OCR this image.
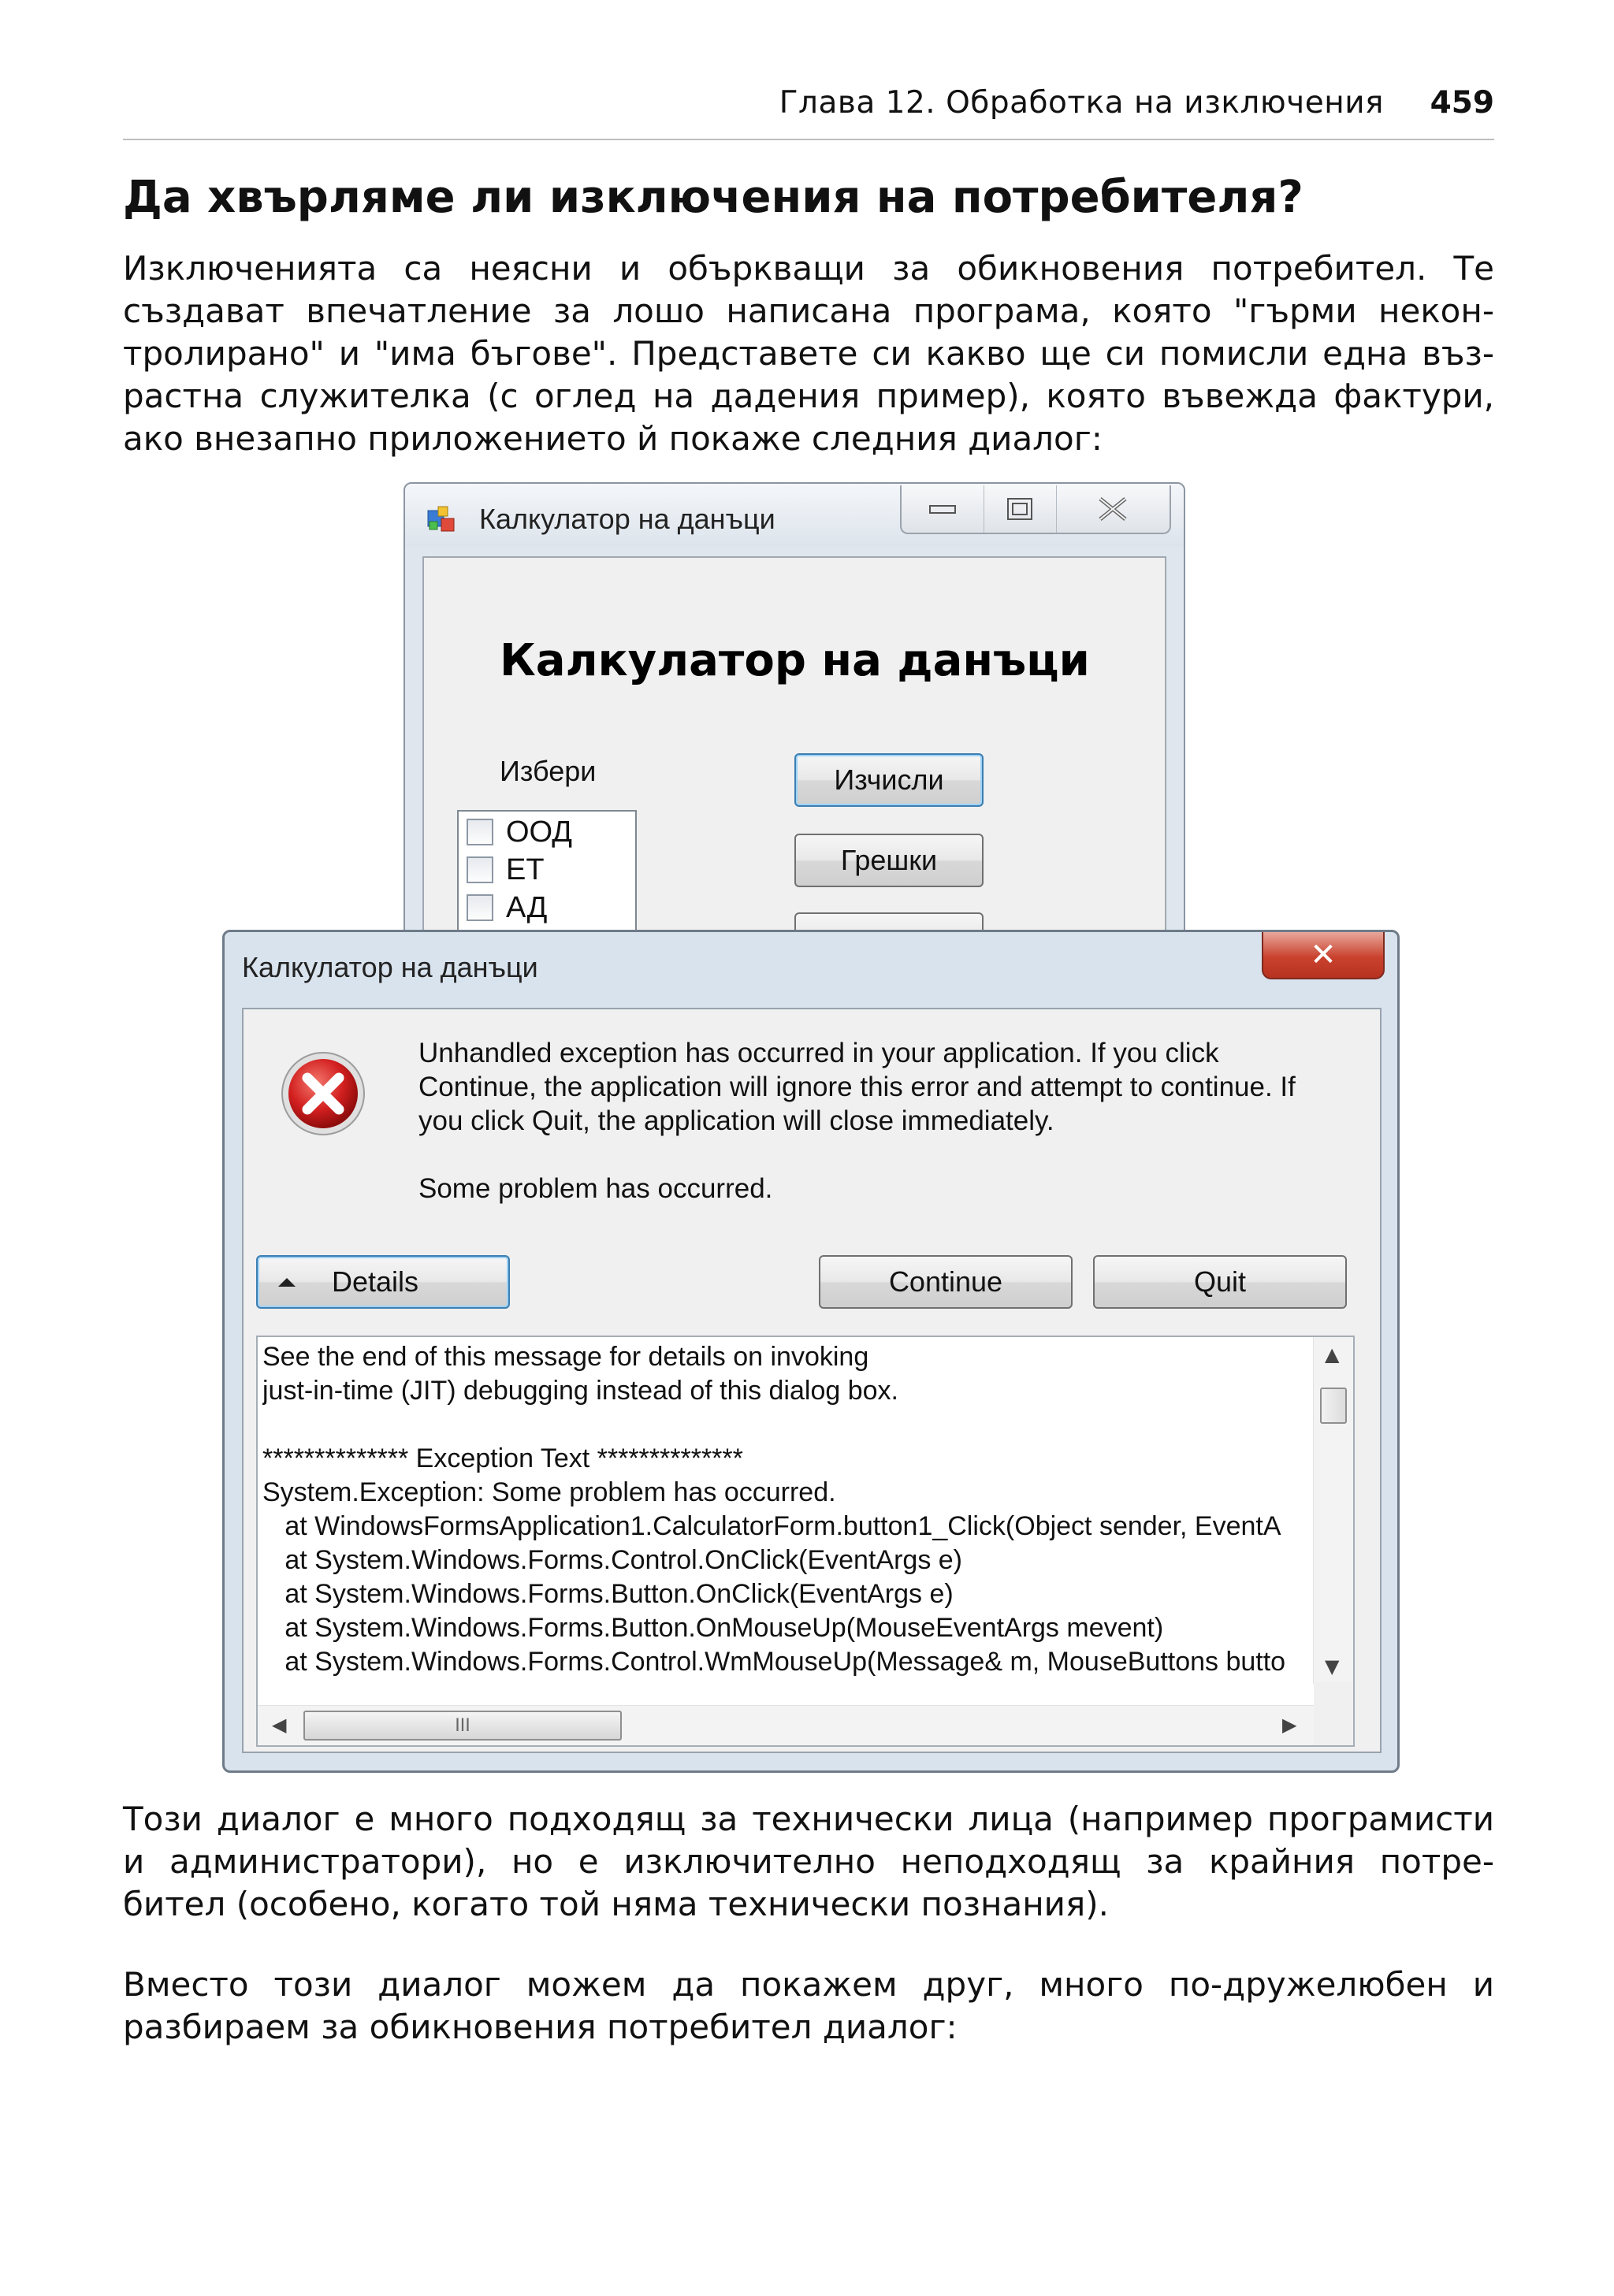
Глава 12. Обработка на изключения 459
Да хвърляме ли изключения на потребителя?
Изключенията са неясни и объркващи за обикновения потребител. Те
създават впечатление за лошо написана програма, която "гърми некон-
тролирано" и "има бъгове". Представете си какво ще си помисли една въз-
растна служителка (с оглед на дадения пример), която въвежда фактури,
ако внезапно приложението й покаже следния диалог:
Калкулатор на данъци
Калкулатор на данъци
Избери
ООД
ЕТ
АД
Изчисли
Грешки
Калкулатор на данъци	✕
Unhandled exception has occurred in your application. If you click
Continue, the application will ignore this error and attempt to continue. If
you click Quit, the application will close immediately.
Some problem has occurred.
Details	Continue	Quit
See the end of this message for details on invoking
just-in-time (JIT) debugging instead of this dialog box.
************** Exception Text **************
System.Exception: Some problem has occurred.
at WindowsFormsApplication1.CalculatorForm.button1_Click(Object sender, EventA
at System.Windows.Forms.Control.OnClick(EventArgs e)
at System.Windows.Forms.Button.OnClick(EventArgs e)
at System.Windows.Forms.Button.OnMouseUp(MouseEventArgs mevent)
at System.Windows.Forms.Control.WmMouseUp(Message& m, MouseButtons butto
▲
▼
◀	III	▶
Този диалог е много подходящ за технически лица (например програмисти
и администратори), но е изключително неподходящ за крайния потре-
бител (особено, когато той няма технически познания).
Вместо този диалог можем да покажем друг, много по-дружелюбен и
разбираем за обикновения потребител диалог:
